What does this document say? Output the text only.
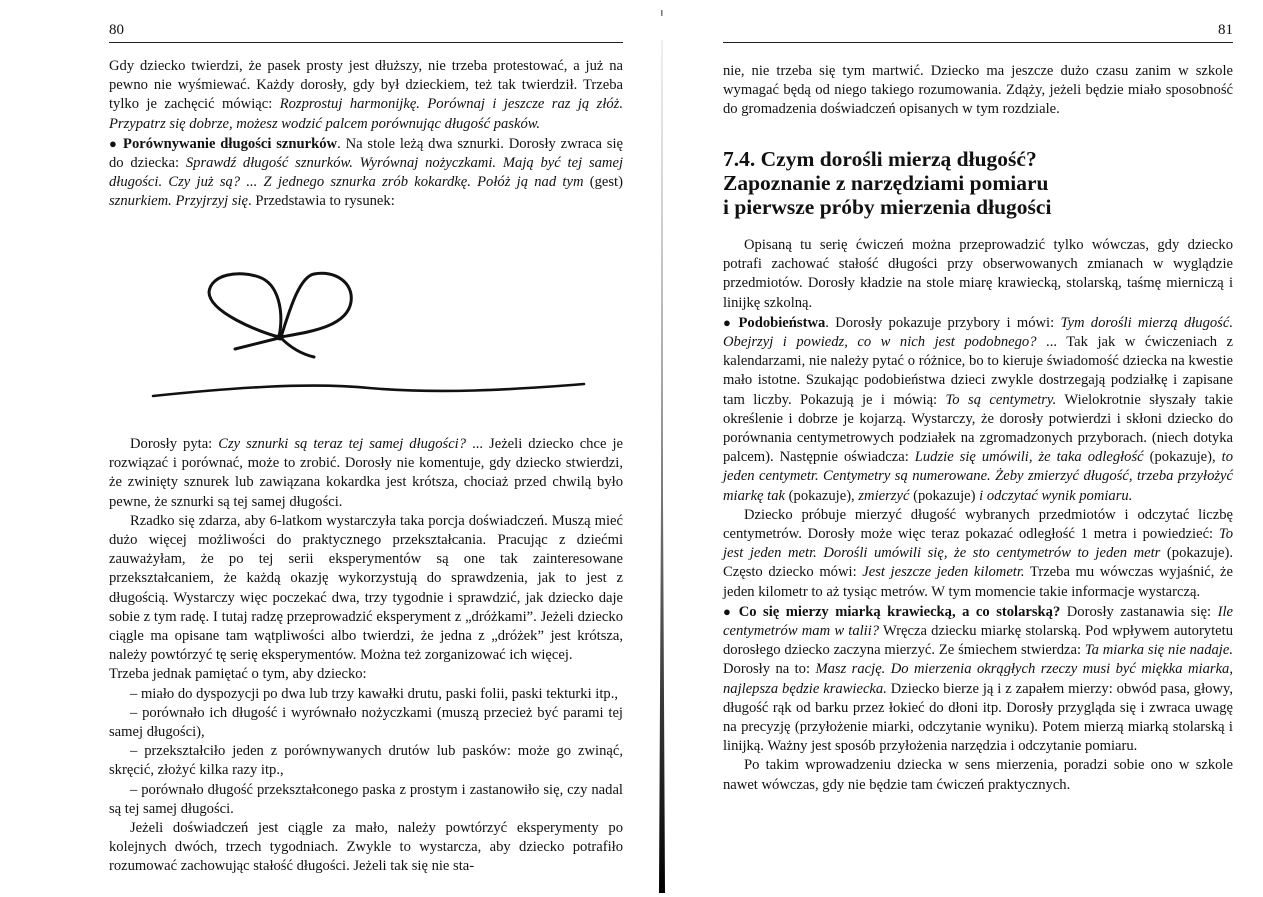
80

Gdy dziecko twierdzi, że pasek prosty jest dłuższy, nie trzeba protestować, a już na pewno nie wyśmiewać. Każdy dorosły, gdy był dzieckiem, też tak twierdził. Trzeba tylko je zachęcić mówiąc: Rozprostuj harmonijkę. Porównaj i jeszcze raz ją złóż. Przypatrz się dobrze, możesz wodzić palcem porównując długość pasków.

● Porównywanie długości sznurków. Na stole leżą dwa sznurki. Dorosły zwraca się do dziecka: Sprawdź długość sznurków. Wyrównaj nożyczkami. Mają być tej samej długości. Czy już są? ... Z jednego sznurka zrób kokardkę. Połóż ją nad tym (gest) sznurkiem. Przyjrzyj się. Przedstawia to rysunek:

Dorosły pyta: Czy sznurki są teraz tej samej długości? ... Jeżeli dziecko chce je rozwiązać i porównać, może to zrobić. Dorosły nie komentuje, gdy dziecko stwierdzi, że zwinięty sznurek lub zawiązana kokardka jest krótsza, chociaż przed chwilą było pewne, że sznurki są tej samej długości.

Rzadko się zdarza, aby 6-latkom wystarczyła taka porcja doświadczeń. Muszą mieć dużo więcej możliwości do praktycznego przekształcania. Pracując z dziećmi zauważyłam, że po tej serii eksperymentów są one tak zainteresowane przekształcaniem, że każdą okazję wykorzystują do sprawdzenia, jak to jest z długością. Wystarczy więc poczekać dwa, trzy tygodnie i sprawdzić, jak dziecko daje sobie z tym radę. I tutaj radzę przeprowadzić eksperyment z „dróżkami”. Jeżeli dziecko ciągle ma opisane tam wątpliwości albo twierdzi, że jedna z „dróżek” jest krótsza, należy powtórzyć tę serię eksperymentów. Można też zorganizować ich więcej.

Trzeba jednak pamiętać o tym, aby dziecko:

– miało do dyspozycji po dwa lub trzy kawałki drutu, paski folii, paski tekturki itp.,

– porównało ich długość i wyrównało nożyczkami (muszą przecież być parami tej samej długości),

– przekształciło jeden z porównywanych drutów lub pasków: może go zwinąć, skręcić, złożyć kilka razy itp.,

– porównało długość przekształconego paska z prostym i zastanowiło się, czy nadal są tej samej długości.

Jeżeli doświadczeń jest ciągle za mało, należy powtórzyć eksperymenty po kolejnych dwóch, trzech tygodniach. Zwykle to wystarcza, aby dziecko potrafiło rozumować zachowując stałość długości. Jeżeli tak się nie sta-

81

nie, nie trzeba się tym martwić. Dziecko ma jeszcze dużo czasu zanim w szkole wymagać będą od niego takiego rozumowania. Zdąży, jeżeli będzie miało sposobność do gromadzenia doświadczeń opisanych w tym rozdziale.

7.4. Czym dorośli mierzą długość?
Zapoznanie z narzędziami pomiaru
i pierwsze próby mierzenia długości

Opisaną tu serię ćwiczeń można przeprowadzić tylko wówczas, gdy dziecko potrafi zachować stałość długości przy obserwowanych zmianach w wyglądzie przedmiotów. Dorosły kładzie na stole miarę krawiecką, stolarską, taśmę mierniczą i linijkę szkolną.

● Podobieństwa. Dorosły pokazuje przybory i mówi: Tym dorośli mierzą długość. Obejrzyj i powiedz, co w nich jest podobnego? ... Tak jak w ćwiczeniach z kalendarzami, nie należy pytać o różnice, bo to kieruje świadomość dziecka na kwestie mało istotne. Szukając podobieństwa dzieci zwykle dostrzegają podziałkę i zapisane tam liczby. Pokazują je i mówią: To są centymetry. Wielokrotnie słyszały takie określenie i dobrze je kojarzą. Wystarczy, że dorosły potwierdzi i skłoni dziecko do porównania centymetrowych podziałek na zgromadzonych przyborach. (niech dotyka palcem). Następnie oświadcza: Ludzie się umówili, że taka odległość (pokazuje), to jeden centymetr. Centymetry są numerowane. Żeby zmierzyć długość, trzeba przyłożyć miarkę tak (pokazuje), zmierzyć (pokazuje) i odczytać wynik pomiaru.

Dziecko próbuje mierzyć długość wybranych przedmiotów i odczytać liczbę centymetrów. Dorosły może więc teraz pokazać odległość 1 metra i powiedzieć: To jest jeden metr. Dorośli umówili się, że sto centymetrów to jeden metr (pokazuje). Często dziecko mówi: Jest jeszcze jeden kilometr. Trzeba mu wówczas wyjaśnić, że jeden kilometr to aż tysiąc metrów. W tym momencie takie informacje wystarczą.

● Co się mierzy miarką krawiecką, a co stolarską? Dorosły zastanawia się: Ile centymetrów mam w talii? Wręcza dziecku miarkę stolarską. Pod wpływem autorytetu dorosłego dziecko zaczyna mierzyć. Ze śmiechem stwierdza: Ta miarka się nie nadaje. Dorosły na to: Masz rację. Do mierzenia okrągłych rzeczy musi być miękka miarka, najlepsza będzie krawiecka. Dziecko bierze ją i z zapałem mierzy: obwód pasa, głowy, długość rąk od barku przez łokieć do dłoni itp. Dorosły przygląda się i zwraca uwagę na precyzję (przyłożenie miarki, odczytanie wyniku). Potem mierzą miarką stolarską i linijką. Ważny jest sposób przyłożenia narzędzia i odczytanie pomiaru.

Po takim wprowadzeniu dziecka w sens mierzenia, poradzi sobie ono w szkole nawet wówczas, gdy nie będzie tam ćwiczeń praktycznych.
